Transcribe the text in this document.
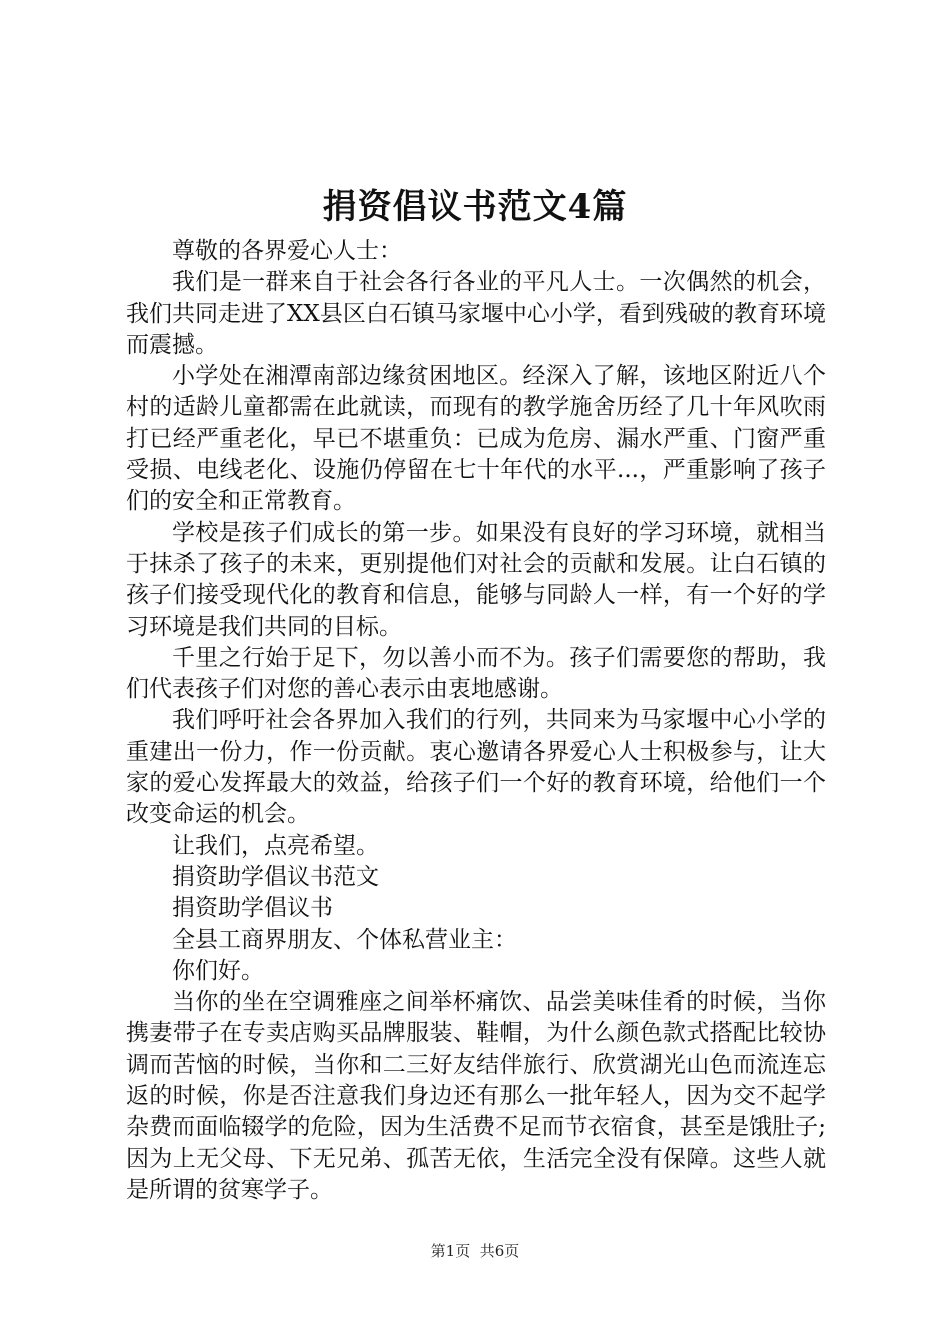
捐资倡议书范文4篇

尊敬的各界爱心人士：

我们是一群来自于社会各行各业的平凡人士。一次偶然的机会，我们共同走进了XX县区白石镇马家堰中心小学，看到残破的教育环境而震撼。

小学处在湘潭南部边缘贫困地区。经深入了解，该地区附近八个村的适龄儿童都需在此就读，而现有的教学施舍历经了几十年风吹雨打已经严重老化，早已不堪重负：已成为危房、漏水严重、门窗严重受损、电线老化、设施仍停留在七十年代的水平...，严重影响了孩子们的安全和正常教育。

学校是孩子们成长的第一步。如果没有良好的学习环境，就相当于抹杀了孩子的未来，更别提他们对社会的贡献和发展。让白石镇的孩子们接受现代化的教育和信息，能够与同龄人一样，有一个好的学习环境是我们共同的目标。

千里之行始于足下，勿以善小而不为。孩子们需要您的帮助，我们代表孩子们对您的善心表示由衷地感谢。

我们呼吁社会各界加入我们的行列，共同来为马家堰中心小学的重建出一份力，作一份贡献。衷心邀请各界爱心人士积极参与，让大家的爱心发挥最大的效益，给孩子们一个好的教育环境，给他们一个改变命运的机会。

让我们，点亮希望。

捐资助学倡议书范文

捐资助学倡议书

全县工商界朋友、个体私营业主：

你们好。

当你的坐在空调雅座之间举杯痛饮、品尝美味佳肴的时候，当你携妻带子在专卖店购买品牌服装、鞋帽，为什么颜色款式搭配比较协调而苦恼的时候，当你和二三好友结伴旅行、欣赏湖光山色而流连忘返的时候，你是否注意我们身边还有那么一批年轻人，因为交不起学杂费而面临辍学的危险，因为生活费不足而节衣宿食，甚至是饿肚子;因为上无父母、下无兄弟、孤苦无依，生活完全没有保障。这些人就是所谓的贫寒学子。

第1页 共6页
